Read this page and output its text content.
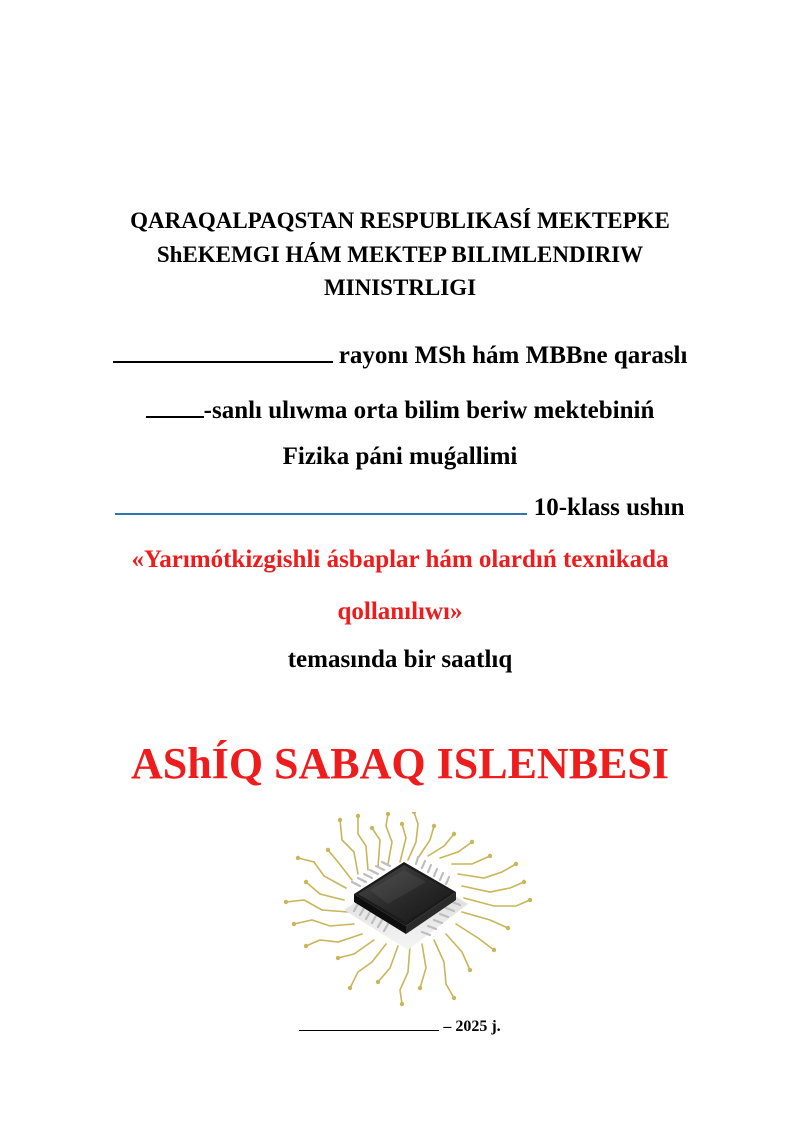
QARAQALPAQSTAN RESPUBLIKASÍ MEKTEPKE
ShEKEMGI HÁM MEKTEP BILIMLENDIRIW
MINISTRLIGI
rayonı MSh hám MBBne qaraslı
-sanlı ulıwma orta bilim beriw mektebiniń
Fizika páni muǵallimi
10-klass ushın
«Yarımótkizgishli ásbaplar hám olardıń texnikada
qollanılıwı»
temasında bir saatlıq
AShÍQ SABAQ ISLENBESI
– 2025 j.
